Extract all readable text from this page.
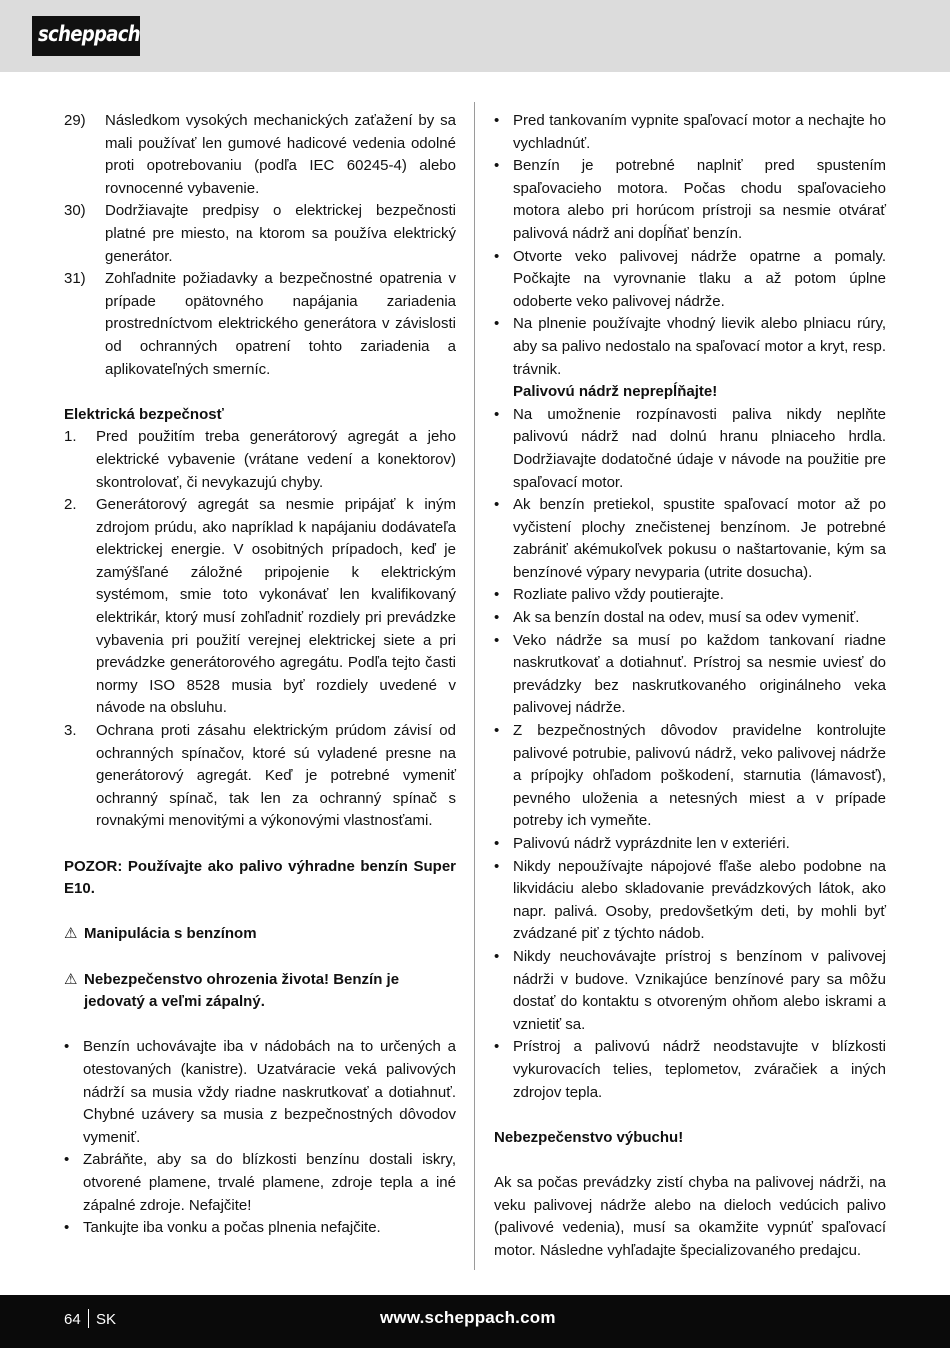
scheppach
29) Následkom vysokých mechanických zaťažení by sa mali používať len gumové hadicové vedenia odolné proti opotrebovaniu (podľa IEC 60245-4) alebo rovnocenné vybavenie.
30) Dodržiavajte predpisy o elektrickej bezpečnosti platné pre miesto, na ktorom sa používa elektrický generátor.
31) Zohľadnite požiadavky a bezpečnostné opatrenia v prípade opätovného napájania zariadenia prostredníctvom elektrického generátora v závislosti od ochranných opatrení tohto zariadenia a aplikovateľných smerníc.
Elektrická bezpečnosť
1. Pred použitím treba generátorový agregát a jeho elektrické vybavenie (vrátane vedení a konektorov) skontrolovať, či nevykazujú chyby.
2. Generátorový agregát sa nesmie pripájať k iným zdrojom prúdu, ako napríklad k napájaniu dodávateľa elektrickej energie. V osobitných prípadoch, keď je zamýšľané záložné pripojenie k elektrickým systémom, smie toto vykonávať len kvalifikovaný elektrikár, ktorý musí zohľadniť rozdiely pri prevádzke vybavenia pri použití verejnej elektrickej siete a pri prevádzke generátorového agregátu. Podľa tejto časti normy ISO 8528 musia byť rozdiely uvedené v návode na obsluhu.
3. Ochrana proti zásahu elektrickým prúdom závisí od ochranných spínačov, ktoré sú vyladené presne na generátorový agregát. Keď je potrebné vymeniť ochranný spínač, tak len za ochranný spínač s rovnakými menovitými a výkonovými vlastnosťami.
POZOR: Používajte ako palivo výhradne benzín Super E10.
⚠ Manipulácia s benzínom
⚠ Nebezpečenstvo ohrozenia života! Benzín je jedovatý a veľmi zápalný.
• Benzín uchovávajte iba v nádobách na to určených a otestovaných (kanistre). Uzatváracie veká palivových nádrží sa musia vždy riadne naskrutkovať a dotiahnuť. Chybné uzávery sa musia z bezpečnostných dôvodov vymeniť.
• Zabráňte, aby sa do blízkosti benzínu dostali iskry, otvorené plamene, trvalé plamene, zdroje tepla a iné zápalné zdroje. Nefajčite!
• Tankujte iba vonku a počas plnenia nefajčite.
• Pred tankovaním vypnite spaľovací motor a nechajte ho vychladnúť.
• Benzín je potrebné naplniť pred spustením spaľovacieho motora. Počas chodu spaľovacieho motora alebo pri horúcom prístroji sa nesmie otvárať palivová nádrž ani dopĺňať benzín.
• Otvorte veko palivovej nádrže opatrne a pomaly. Počkajte na vyrovnanie tlaku a až potom úplne odoberte veko palivovej nádrže.
• Na plnenie používajte vhodný lievik alebo plniacu rúry, aby sa palivo nedostalo na spaľovací motor a kryt, resp. trávnik.
Palivovú nádrž neprepĺňajte!
• Na umožnenie rozpínavosti paliva nikdy neplňte palivovú nádrž nad dolnú hranu plniaceho hrdla. Dodržiavajte dodatočné údaje v návode na použitie pre spaľovací motor.
• Ak benzín pretiekol, spustite spaľovací motor až po vyčistení plochy znečistenej benzínom. Je potrebné zabrániť akémukoľvek pokusu o naštartovanie, kým sa benzínové výpary nevyparia (utrite dosucha).
• Rozliate palivo vždy poutierajte.
• Ak sa benzín dostal na odev, musí sa odev vymeniť.
• Veko nádrže sa musí po každom tankovaní riadne naskrutkovať a dotiahnuť. Prístroj sa nesmie uviesť do prevádzky bez naskrutkovaného originálneho veka palivovej nádrže.
• Z bezpečnostných dôvodov pravidelne kontrolujte palivové potrubie, palivovú nádrž, veko palivovej nádrže a prípojky ohľadom poškodení, starnutia (lámavosť), pevného uloženia a netesných miest a v prípade potreby ich vymeňte.
• Palivovú nádrž vyprázdnite len v exteriéri.
• Nikdy nepoužívajte nápojové fľaše alebo podobne na likvidáciu alebo skladovanie prevádzkových látok, ako napr. palivá. Osoby, predovšetkým deti, by mohli byť zvádzané piť z týchto nádob.
• Nikdy neuchovávajte prístroj s benzínom v palivovej nádrži v budove. Vznikajúce benzínové pary sa môžu dostať do kontaktu s otvoreným ohňom alebo iskrami a vznietiť sa.
• Prístroj a palivovú nádrž neodstavujte v blízkosti vykurovacích telies, teplometov, zváračiek a iných zdrojov tepla.
Nebezpečenstvo výbuchu!
Ak sa počas prevádzky zistí chyba na palivovej nádrži, na veku palivovej nádrže alebo na dieloch vedúcich palivo (palivové vedenia), musí sa okamžite vypnúť spaľovací motor. Následne vyhľadajte špecializovaného predajcu.
64 SK	www.scheppach.com
